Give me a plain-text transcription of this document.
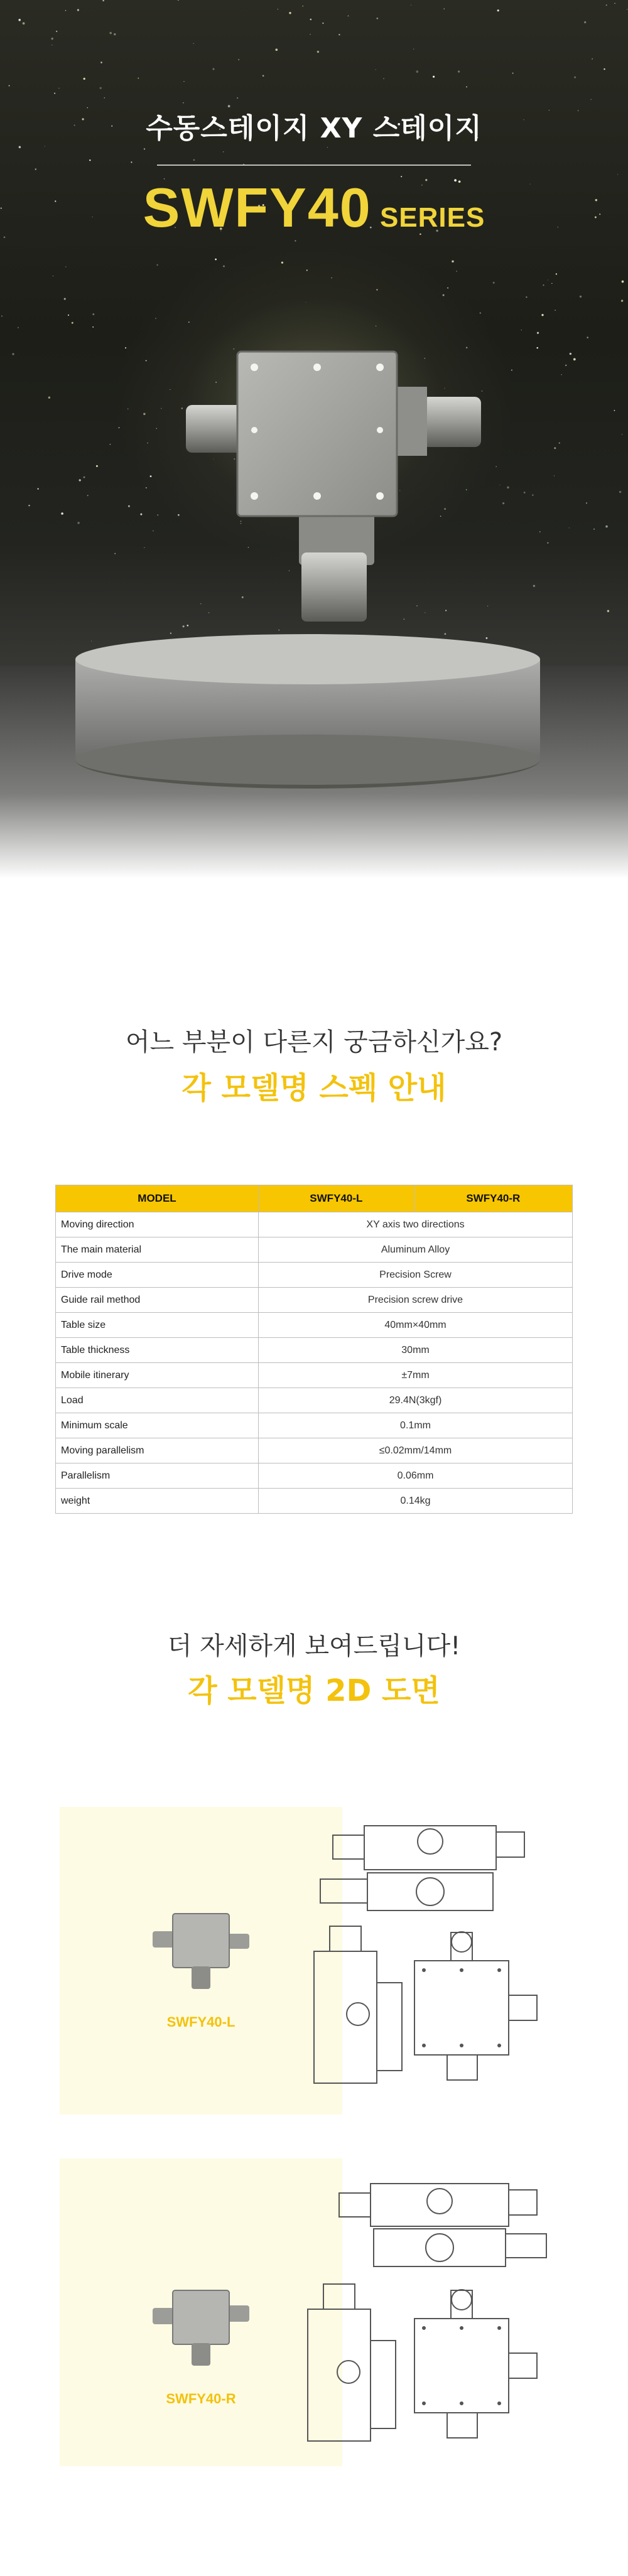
수동스테이지 XY 스테이지
SWFY40 SERIES
어느 부분이 다른지 궁금하신가요?
각 모델명 스펙 안내
MODEL	SWFY40-L	SWFY40-R
Moving direction	XY axis two directions	
The main material	Aluminum Alloy	
Drive mode	Precision Screw	
Guide rail method	Precision screw drive	
Table size	40mm×40mm	
Table thickness	30mm	
Mobile itinerary	±7mm	
Load	29.4N(3kgf)	
Minimum scale	0.1mm	
Moving parallelism	≤0.02mm/14mm	
Parallelism	0.06mm	
weight	0.14kg	
더 자세하게 보여드립니다!
각 모델명 2D 도면
SWFY40-L
SWFY40-R
